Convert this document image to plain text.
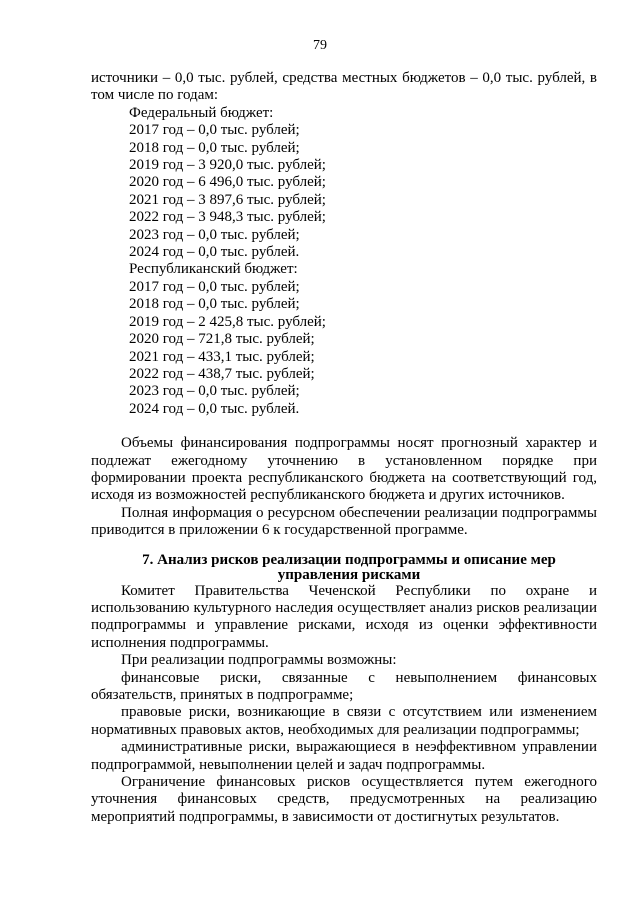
79

источники – 0,0 тыс. рублей, средства местных бюджетов – 0,0 тыс. рублей, в

том числе по годам:

Федеральный бюджет:
2017 год – 0,0 тыс. рублей;
2018 год – 0,0 тыс. рублей;
2019 год – 3 920,0 тыс. рублей;
2020 год – 6 496,0 тыс. рублей;
2021 год – 3 897,6 тыс. рублей;
2022 год – 3 948,3 тыс. рублей;
2023 год – 0,0 тыс. рублей;
2024 год – 0,0 тыс. рублей.
Республиканский бюджет:
2017 год – 0,0 тыс. рублей;
2018 год – 0,0 тыс. рублей;
2019 год – 2 425,8 тыс. рублей;
2020 год – 721,8 тыс. рублей;
2021 год – 433,1 тыс. рублей;
2022 год – 438,7 тыс. рублей;
2023 год – 0,0 тыс. рублей;
2024 год – 0,0 тыс. рублей.

Объемы финансирования подпрограммы носят прогнозный характер и подлежат ежегодному уточнению в установленном порядке при формировании проекта республиканского бюджета на соответствующий год, исходя из возможностей республиканского бюджета и других источников.

Полная информация о ресурсном обеспечении реализации подпрограммы приводится в приложении 6 к государственной программе.

7. Анализ рисков реализации подпрограммы и описание мер
управления рисками

Комитет Правительства Чеченской Республики по охране и использованию культурного наследия осуществляет анализ рисков реализации подпрограммы и управление рисками, исходя из оценки эффективности исполнения подпрограммы.

При реализации подпрограммы возможны:

финансовые риски, связанные с невыполнением финансовых обязательств, принятых в подпрограмме;

правовые риски, возникающие в связи с отсутствием или изменением нормативных правовых актов, необходимых для реализации подпрограммы;

административные риски, выражающиеся в неэффективном управлении подпрограммой, невыполнении целей и задач подпрограммы.

Ограничение финансовых рисков осуществляется путем ежегодного уточнения финансовых средств, предусмотренных на реализацию мероприятий подпрограммы, в зависимости от достигнутых результатов.
